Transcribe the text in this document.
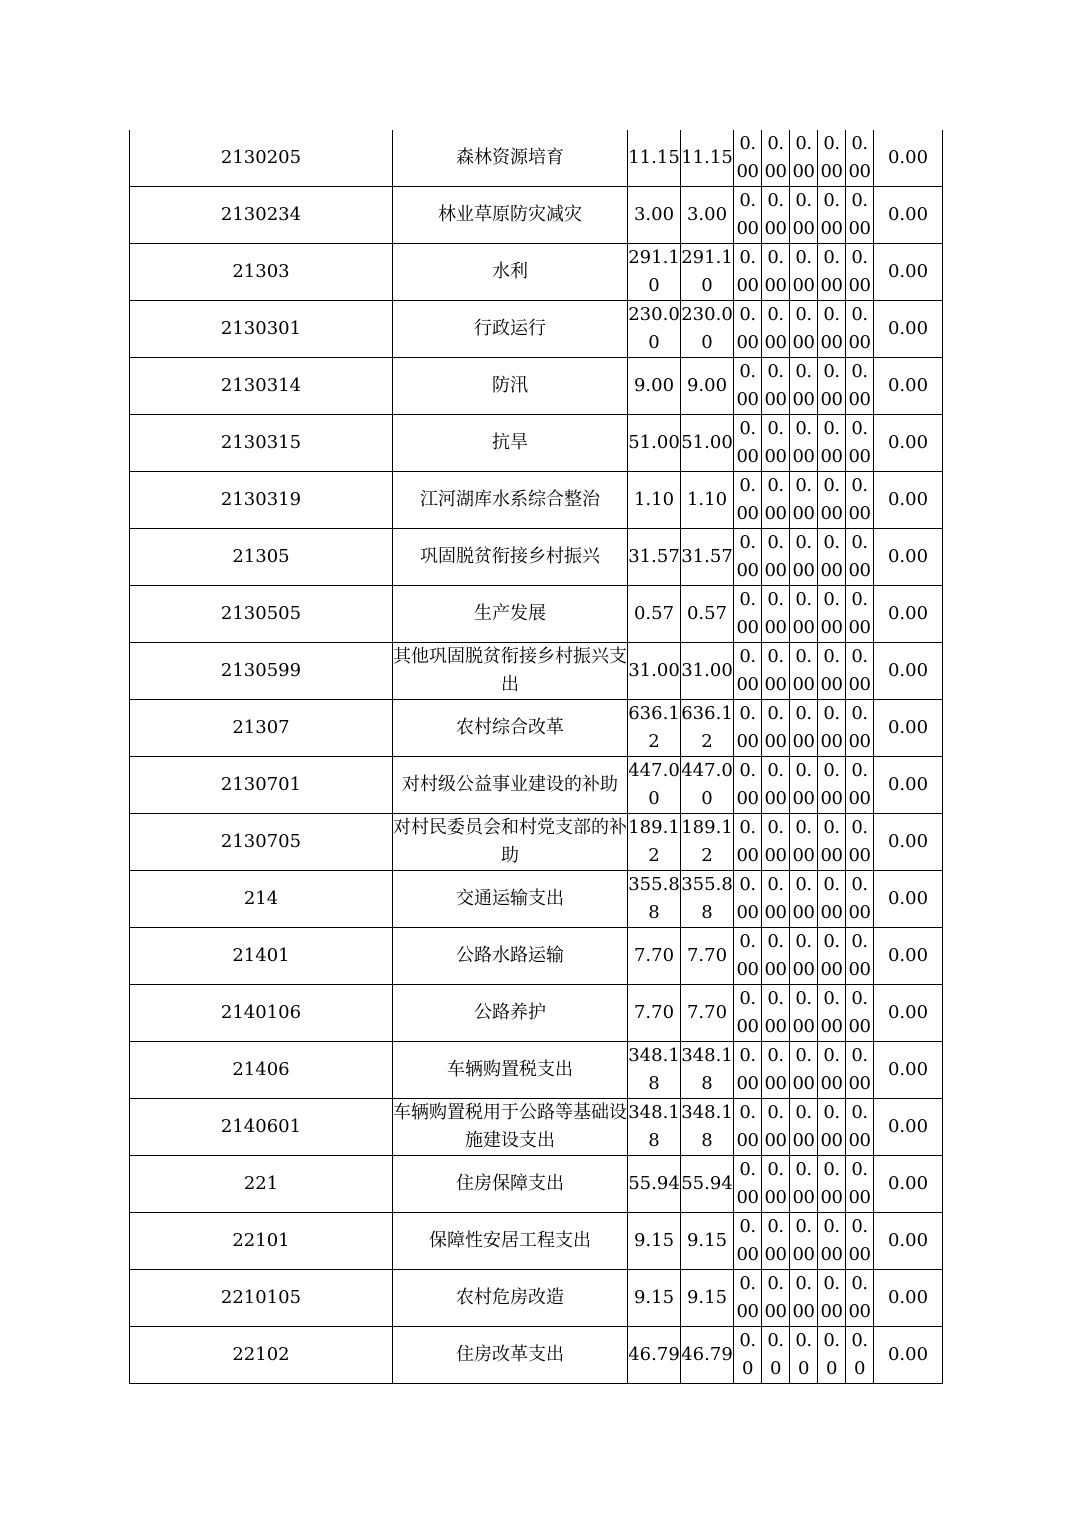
2130205	森林资源培育	11.15	11.15	0.00	0.00	0.00	0.00	0.00	0.00
2130234	林业草原防灾减灾	3.00	3.00	0.00	0.00	0.00	0.00	0.00	0.00
21303	水利	291.10	291.10	0.00	0.00	0.00	0.00	0.00	0.00
2130301	行政运行	230.00	230.00	0.00	0.00	0.00	0.00	0.00	0.00
2130314	防汛	9.00	9.00	0.00	0.00	0.00	0.00	0.00	0.00
2130315	抗旱	51.00	51.00	0.00	0.00	0.00	0.00	0.00	0.00
2130319	江河湖库水系综合整治	1.10	1.10	0.00	0.00	0.00	0.00	0.00	0.00
21305	巩固脱贫衔接乡村振兴	31.57	31.57	0.00	0.00	0.00	0.00	0.00	0.00
2130505	生产发展	0.57	0.57	0.00	0.00	0.00	0.00	0.00	0.00
2130599	其他巩固脱贫衔接乡村振兴支出	31.00	31.00	0.00	0.00	0.00	0.00	0.00	0.00
21307	农村综合改革	636.12	636.12	0.00	0.00	0.00	0.00	0.00	0.00
2130701	对村级公益事业建设的补助	447.00	447.00	0.00	0.00	0.00	0.00	0.00	0.00
2130705	对村民委员会和村党支部的补助	189.12	189.12	0.00	0.00	0.00	0.00	0.00	0.00
214	交通运输支出	355.88	355.88	0.00	0.00	0.00	0.00	0.00	0.00
21401	公路水路运输	7.70	7.70	0.00	0.00	0.00	0.00	0.00	0.00
2140106	公路养护	7.70	7.70	0.00	0.00	0.00	0.00	0.00	0.00
21406	车辆购置税支出	348.18	348.18	0.00	0.00	0.00	0.00	0.00	0.00
2140601	车辆购置税用于公路等基础设施建设支出	348.18	348.18	0.00	0.00	0.00	0.00	0.00	0.00
221	住房保障支出	55.94	55.94	0.00	0.00	0.00	0.00	0.00	0.00
22101	保障性安居工程支出	9.15	9.15	0.00	0.00	0.00	0.00	0.00	0.00
2210105	农村危房改造	9.15	9.15	0.00	0.00	0.00	0.00	0.00	0.00
22102	住房改革支出	46.79	46.79	0.0	0.0	0.0	0.0	0.0	0.00
